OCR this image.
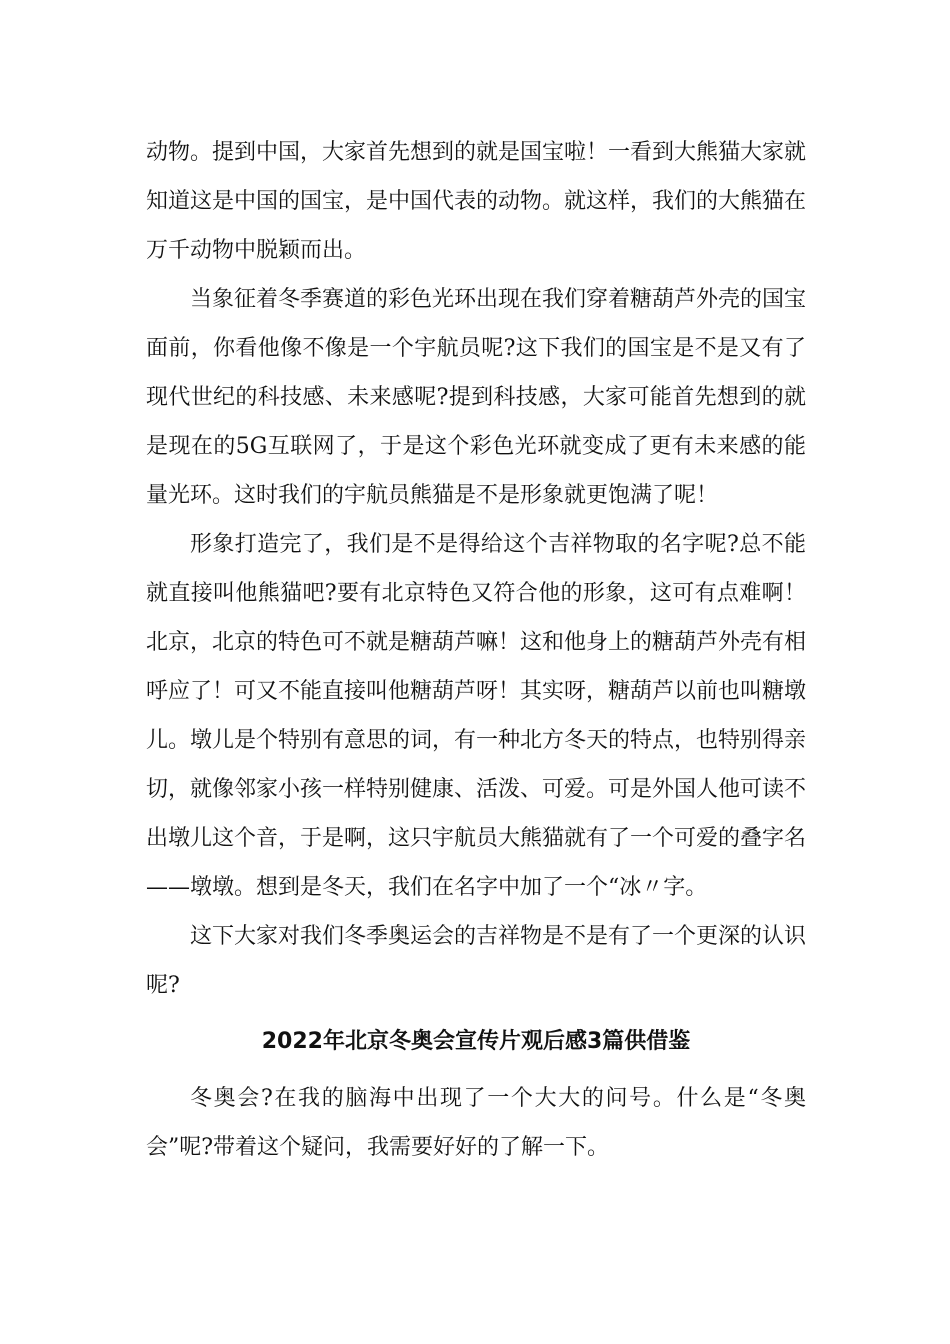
动物。提到中国，大家首先想到的就是国宝啦！一看到大熊猫大家就知道这是中国的国宝，是中国代表的动物。就这样，我们的大熊猫在万千动物中脱颖而出。

当象征着冬季赛道的彩色光环出现在我们穿着糖葫芦外壳的国宝面前，你看他像不像是一个宇航员呢?这下我们的国宝是不是又有了现代世纪的科技感、未来感呢?提到科技感，大家可能首先想到的就是现在的5G互联网了，于是这个彩色光环就变成了更有未来感的能量光环。这时我们的宇航员熊猫是不是形象就更饱满了呢！

形象打造完了，我们是不是得给这个吉祥物取的名字呢?总不能就直接叫他熊猫吧?要有北京特色又符合他的形象，这可有点难啊！北京，北京的特色可不就是糖葫芦嘛！这和他身上的糖葫芦外壳有相呼应了！可又不能直接叫他糖葫芦呀！其实呀，糖葫芦以前也叫糖墩儿。墩儿是个特别有意思的词，有一种北方冬天的特点，也特别得亲切，就像邻家小孩一样特别健康、活泼、可爱。可是外国人他可读不出墩儿这个音，于是啊，这只宇航员大熊猫就有了一个可爱的叠字名——墩墩。想到是冬天，我们在名字中加了一个“冰〃字。

这下大家对我们冬季奥运会的吉祥物是不是有了一个更深的认识呢?

2022年北京冬奥会宣传片观后感3篇供借鉴

冬奥会?在我的脑海中出现了一个大大的问号。什么是“冬奥会”呢?带着这个疑问，我需要好好的了解一下。
